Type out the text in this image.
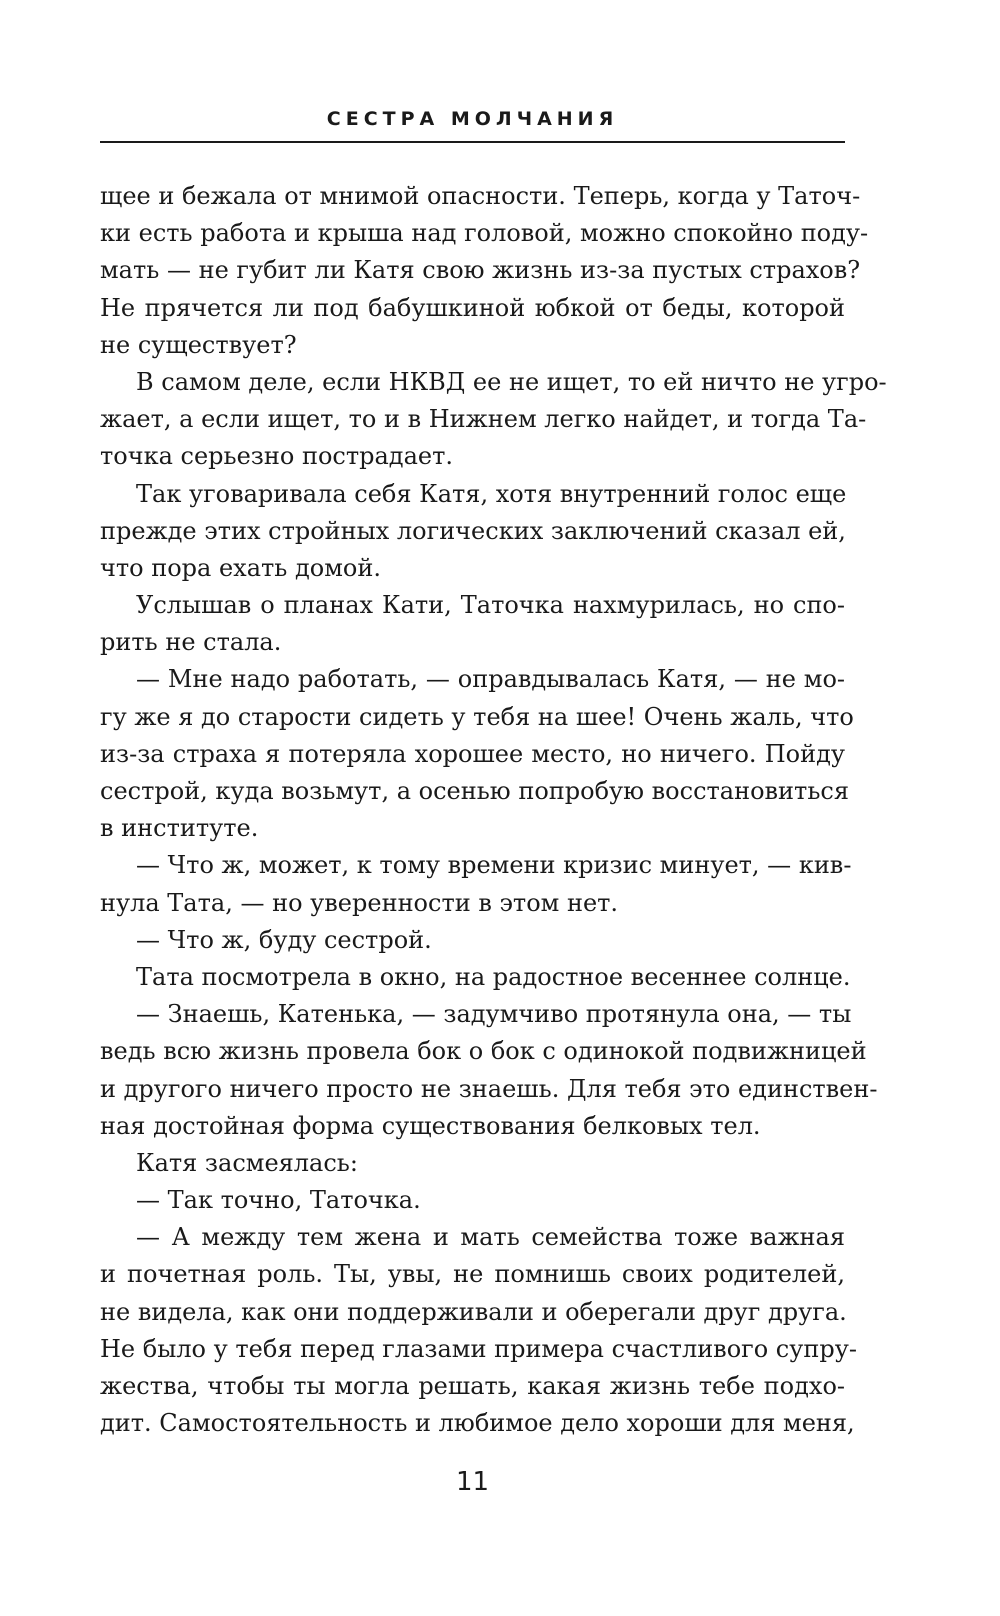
СЕСТРА МОЛЧАНИЯ
щее и бежала от мнимой опасности. Теперь, когда у Таточ-
ки есть работа и крыша над головой, можно спокойно поду-
мать — не губит ли Катя свою жизнь из-за пустых страхов?
Не прячется ли под бабушкиной юбкой от беды, которой
не существует?
В самом деле, если НКВД ее не ищет, то ей ничто не угро-
жает, а если ищет, то и в Нижнем легко найдет, и тогда Та-
точка серьезно пострадает.
Так уговаривала себя Катя, хотя внутренний голос еще
прежде этих стройных логических заключений сказал ей,
что пора ехать домой.
Услышав о планах Кати, Таточка нахмурилась, но спо-
рить не стала.
— Мне надо работать, — оправдывалась Катя, — не мо-
гу же я до старости сидеть у тебя на шее! Очень жаль, что
из-за страха я потеряла хорошее место, но ничего. Пойду
сестрой, куда возьмут, а осенью попробую восстановиться
в институте.
— Что ж, может, к тому времени кризис минует, — кив-
нула Тата, — но уверенности в этом нет.
— Что ж, буду сестрой.
Тата посмотрела в окно, на радостное весеннее солнце.
— Знаешь, Катенька, — задумчиво протянула она, — ты
ведь всю жизнь провела бок о бок с одинокой подвижницей
и другого ничего просто не знаешь. Для тебя это единствен-
ная достойная форма существования белковых тел.
Катя засмеялась:
— Так точно, Таточка.
— А между тем жена и мать семейства тоже важная
и почетная роль. Ты, увы, не помнишь своих родителей,
не видела, как они поддерживали и оберегали друг друга.
Не было у тебя перед глазами примера счастливого супру-
жества, чтобы ты могла решать, какая жизнь тебе подхо-
дит. Самостоятельность и любимое дело хороши для меня,
11
